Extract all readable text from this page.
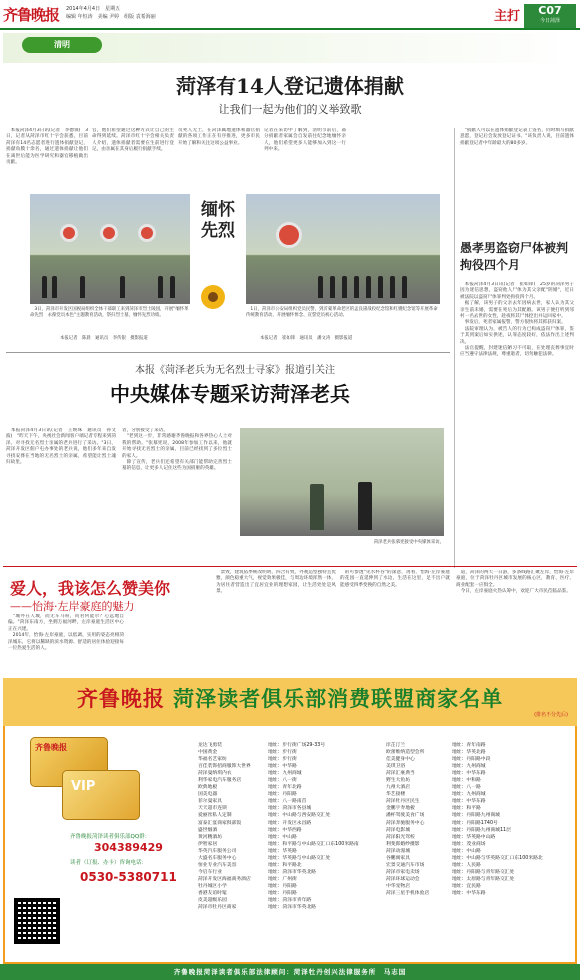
齐鲁晚报 2014年4月4日　星期五
编辑 年恒涛　美编 尹婷　组版 袁希海丽	主打	C07
今日菏泽
清明
菏泽有14人登记遗体捐献
让我们一起为他们的义举致歌
　本报菏泽4月3日讯(记者　李德领)　3日，记者从菏泽市红十字会获悉，目前菏泽有14名志愿者进行遗体捐献登记，捐献角膜十余名，通过遗体捐献让他们在离世后能为医学研究和器官移植做出贡献。
官，他们希望通过这种方式让自己的生命得到延续。菏泽市红十字会相关负责人介绍，遗体捐献者需要在生前进行登记，由亲属在其身后履行捐献手续。
员死人无土，在菏泽属地遗体和器官捐献的各项工作正在有序推进，更多市民开始了解和关注这项公益事业。
记者在采访中了解到，清明节前后，部分捐献者家属会自发前往纪念地缅怀亲人，他们希望更多人能够加入到这一行列中来。
　"捐献人可以在遗体捐献登记表上签名，同时填写捐献意愿，登记后会发放登记证书。"该负责人说，目前遗体捐献登记者中年龄最大的80多岁。
缅怀先烈
　3日，菏泽市开发区国税局组织全体干部职工来到菏泽市烈士陵园，开展"缅怀革命先烈　永葆党员本色"主题教育活动，祭扫烈士墓，缅怀先烈功绩。
本报记者　陈晨　通讯员　李传银　摄影报道
　1日，菏泽市公安局组织党员民警，到沂蒙革命老区的孟良崮战役纪念馆和红嫂纪念馆等开展革命传统教育活动，开展缅怀悼念、宣誓党员初心活动。
本报记者　崔如锋　通讯员　潘文涛　摄影报道
愚孝男盗窃尸体被判拘役四个月
　本报菏泽4月3日讯(记者　崔如锋)　25岁的菏泽男子因为迷信思想，盗窃他人尸体为其父亲配"阴婚"，近日被法院以盗窃尸体罪判处拘役四个月。
　据了解，该男子的父亲去年因病去世，家人认为其父亲生前未婚，需要在死后为其配婚。该男子便打听到邻村一名去世的女性，趁夜将其尸体挖出并运回家中。
　事发后，死者家属报警，警方很快将其抓获归案。
　法院审理认为，被告人的行为已构成盗窃尸体罪，鉴于其到案后如实供述，认罪态度较好，依法作出上述判决。
　法官提醒，封建迷信陋习不可取，在处理丧葬事宜时应当遵守法律法规，尊重逝者，切勿触犯法律。
本报《菏泽老兵为无名烈士寻家》报道引关注
中央媒体专题采访菏泽老兵
　本报菏泽4月3日讯(记者　王焕珠　通讯员　孙文波)　"昨天下午，央视社会新闻客户端记者专程来到菏泽，对寻找无名烈士亲属的老兵进行了采访。"3日，菏泽开发区佃户屯办事处的老兵说，他们多年来自发寻找安葬在当地的无名烈士的亲属，希望能让烈士魂归故里。
者，分别接受了采访。
　"老到这一步，非常感谢齐鲁晚报和各界热心人士对我的帮助。"张慕宪说，2008年参加工作以来，他就开始寻找无名烈士的亲属，目前已经找到了多位烈士的家人。
　除了宣传，老兵们还希望有关部门能帮助完善烈士墓的信息，让更多人记住这些为国捐躯的英雄。
菏泽老兵张慕宪接受中央媒体采访。
爱人，我该怎么赞美你
——怡海·左岸豪庭的魅力
　"城外在人城，而无车马喧，问君何能尔？心远地自偏。"菏泽东南方，坐拥万福河畔，左岸豪庭生活区中心正在兴建。
　2014年，怡海·左岸豪庭，以低调、实用的姿态亮相菏泽城东，它将以稀缺的滨水资源、舒适的居住体验迎接每一位热爱生活的人。
　景致，建筑依季候改明明，四合有致，外观造型独特且优雅，颜色稳重大气，视觉效果极佳，与周边环境浑然一体，为居住者营造出了宜居宜业的理想家园，让生活处处是风景。
　的可参透"见水杯吞"的深意，再看，怡海·左岸豪庭的花园一直延伸到了水边，生活在这里，足不出户就能感受四季变换的自然之美。
　道，菏泽的两天一日游，多条线路汇聚左岸，怡海·左岸豪庭，位于菏泽牡丹区城市发展的核心区，教育、医疗、商业配套一应俱全。
　今日，左岸豪庭火热认筹中，欢迎广大市民莅临品鉴。
齐鲁晚报 菏泽读者俱乐部消费联盟商家名单
(排名不分先后)
齐鲁晚报
VIP
齐鲁晚报菏泽读者俱乐部QQ群：
304389429
读者（订报、办卡）咨询电话：
0530-5380711
龙达飞勇装	地址：步行街广场29-33号	岸芷汀兰	地址：青年南路
中国黄金	地址：步行街	欧蕾维纳造型会所	地址：华英北路
华福名艺家纺	地址：步行街	佳美健身中心	地址：丹阳路中段
百佳装饰招商服饰大世界	地址：中华路	美琪卫浴	地址：九州商城
菏泽曼纳琪内衣	地址：九州商城	菏泽汇豪典当	地址：中华东路
利华家电汽车服务店	地址：八一街	野生大鱼坊	地址：中和路
欧典地板	地址：青年北路	九州大酒店	地址：八一路
国美电器	地址：丹阳路	华艺接楼	地址：九州商城
菲尔曼家具	地址：八一路南首	菏泽牡丹区民生	地址：中华东路
天天超市连锁	地址：菏泽市各县城	金鹏宇寿地板	地址：和平路
爱丽丝私人定制	地址：中山路与西安路交汇处	潘杯驾驶美食广场	地址：丹阳路九州商城
富泰汇宴商家俱部饭	地址：开发区永昌路	菏泽奔驰服务中心	地址：丹阳路1740号
盛世烟酒	地址：中华西路	菏泽电影城	地址：丹阳路九州商城11层
黄河精酒坊	地址：中山路	菏泽阳光驾校	地址：华英路中山路
伊智家居	地址：和平路与中山路交汇口东100米路南	利斐郎婚纱摄影	地址：茂业商场
华英汽车服务公司	地址：华英路	菏泽动漫城	地址：中山路
大盛名车服务中心	地址：华英路与中山路交汇处	谷鹏寓家具	地址：中山路与华英路交汇口东100米路北
恒业专业汽车美容	地址：和平路北	宏景交通汽车市场	地址：人民路
今启车行业	地址：菏泽市华英北路	菏泽市家电卖场	地址：丹阳路与青年路交汇处
菏泽开发区海福商务酒店	地址：广州街	菏泽环球运动会	地址：太原路与青年路交汇处
牡丹城区小学	地址：丹阳路	中华宠物店	地址：宜民路
香港友谊时髦	地址：丹阳路	菏泽三星手机体验店	地址：中华东路
皮美超级乐园	地址：菏泽市青年路
菏泽市牡丹区商家	地址：菏泽市华英北路
齐鲁晚报菏泽读者俱乐部法律顾问：菏泽牡丹创兴法律服务所　马志国
